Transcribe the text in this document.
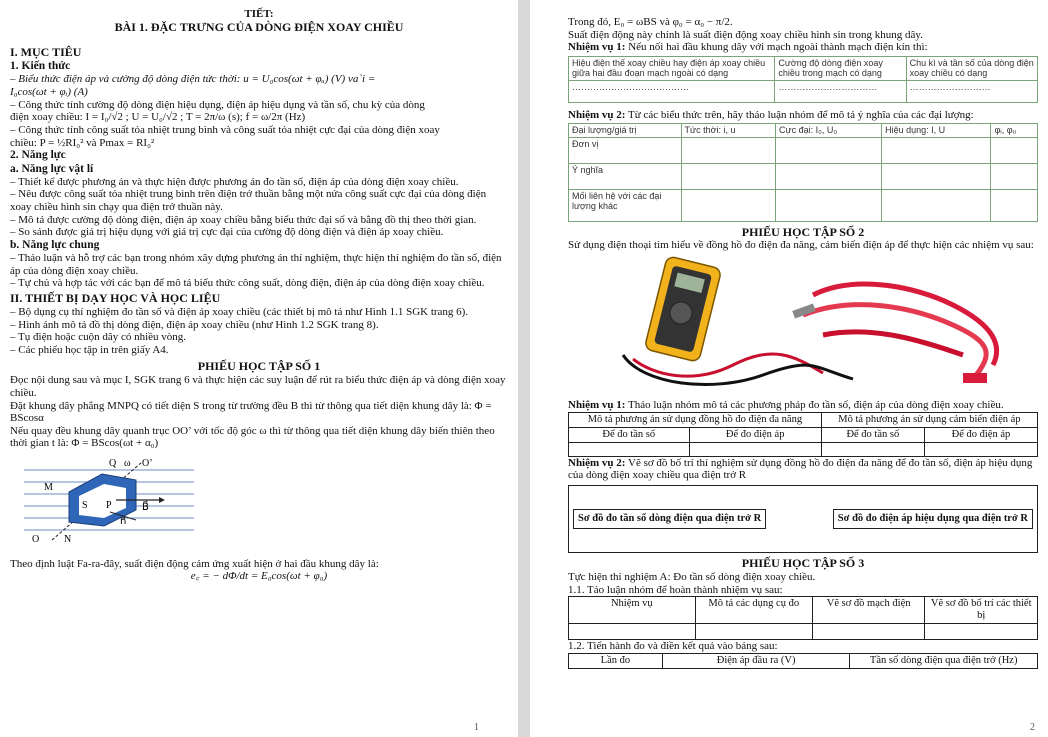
TIẾT:
BÀI 1. ĐẶC TRƯNG CỦA DÒNG ĐIỆN XOAY CHIỀU
I. MỤC TIÊU
1. Kiến thức
– Biểu thức điện áp và cường độ dòng điện tức thời: u = U₀cos(ωt + φᵤ) (V) va`i =
I₀cos(ωt + φᵢ) (A)
– Công thức tính cường độ dòng điện hiệu dụng, điện áp hiệu dụng và tần số, chu kỳ của dòng
điện xoay chiều: I = I₀/√2 ; U = U₀/√2 ; T = 2π/ω (s); f = ω/2π (Hz)
– Công thức tính công suất tỏa nhiệt trung bình và công suất tỏa nhiệt cực đại của dòng điện xoay
chiều: P = ½RI₀² và Pmax = RI₀²
2. Năng lực
a. Năng lực vật lí
– Thiết kế được phương án và thực hiện được phương án đo tần số, điện áp của dòng điện xoay chiều.
– Nêu được công suất tỏa nhiệt trung bình trên điện trở thuần bằng một nửa công suất cực đại của dòng điện xoay chiều hình sin chạy qua điện trở thuần này.
– Mô tả được cường độ dòng điện, điện áp xoay chiều bằng biểu thức đại số và bằng đồ thị theo thời gian.
– So sánh được giá trị hiệu dụng với giá trị cực đại của cường độ dòng điện và điện áp xoay chiều.
b. Năng lực chung
– Thảo luận và hỗ trợ các bạn trong nhóm xây dựng phương án thí nghiệm, thực hiện thí nghiệm đo tần số, điện áp của dòng điện xoay chiều.
– Tự chủ và hợp tác với các bạn để mô tả biểu thức công suất, dòng điện, điện áp của dòng điện xoay chiều.
II. THIẾT BỊ DẠY HỌC VÀ HỌC LIỆU
– Bộ dụng cụ thí nghiệm đo tần số và điện áp xoay chiều (các thiết bị mô tả như Hình 1.1 SGK trang 6).
– Hình ảnh mô tả đồ thị dòng điện, điện áp xoay chiều (như Hình 1.2 SGK trang 8).
– Tụ điện hoặc cuộn dây có nhiều vòng.
– Các phiếu học tập in trên giấy A4.
PHIẾU HỌC TẬP SỐ 1
Đọc nội dung sau và mục I, SGK trang 6 và thực hiện các suy luận để rút ra biểu thức điện áp và dòng điện xoay chiều.
Đặt khung dây phẳng MNPQ có tiết diện S trong từ trường đều B thì từ thông qua tiết diện khung dây là: Φ = BScosα
Nếu quay đều khung dây quanh trục OO’ với tốc độ góc ω thì từ thông qua tiết diện khung dây biến thiên theo thời gian t là: Φ = BScos(ωt + α₀)
Q ω O’
M
S P	B⃗
n⃗
O N
Theo định luật Fa-ra-đây, suất điện động cảm ứng xuất hiện ở hai đầu khung dây là:
e꜀ = − dΦ/dt = E₀cos(ωt + φ₀)
1
Trong đó, E₀ = ωBS và φ₀ = α₀ − π/2.
Suất điện động này chính là suất điện động xoay chiều hình sin trong khung dây.
Nhiệm vụ 1: Nếu nối hai đầu khung dây với mạch ngoài thành mạch điện kín thì:
Hiệu điện thế xoay chiều hay điện áp xoay chiều giữa hai đầu đoạn mạch ngoài có dạng	Cường độ dòng điện xoay chiều trong mạch có dạng	Chu kì và tần số của dòng điện xoay chiều có dạng
…………………………………	……………………………	………………………
Nhiệm vụ 2: Từ các biểu thức trên, hãy thảo luận nhóm để mô tả ý nghĩa của các đại lượng:
Đại lượng/giá trị	Tức thời: i, u	Cực đại: I₀, U₀	Hiệu dụng: I, U	φᵢ, φᵤ
Đơn vị				
Ý nghĩa				
Mối liên hệ với các đại lượng khác				
PHIẾU HỌC TẬP SỐ 2
Sử dụng điện thoại tìm hiểu về đồng hồ đo điện đa năng, cảm biến điện áp để thực hiện các nhiệm vụ sau:
Nhiệm vụ 1: Thảo luận nhóm mô tả các phương pháp đo tần số, điện áp của dòng điện xoay chiều.
Mô tả phương án sử dụng đồng hồ đo điện đa năng		Mô tả phương án sử dụng cảm biến điện áp	
Để đo tần số	Để đo điện áp	Để đo tần số	Để đo điện áp

Nhiệm vụ 2: Vẽ sơ đồ bố trí thí nghiệm sử dụng đồng hồ đo điện đa năng để đo tần số, điện áp hiệu dụng của dòng điện xoay chiều qua điện trở R
Sơ đồ đo tần số dòng điện qua điện trở R	Sơ đồ đo điện áp hiệu dụng qua điện trở R
PHIẾU HỌC TẬP SỐ 3
Tực hiện thí nghiệm A: Đo tần số dòng điện xoay chiều.
1.1. Tảo luận nhóm để hoàn thành nhiệm vụ sau:
Nhiệm vụ	Mô tả các dụng cụ đo	Vẽ sơ đồ mạch điện	Vẽ sơ đồ bố trí các thiết bị

1.2. Tiến hành đo và điền kết quả vào bảng sau:
Lần đo	Điện áp đầu ra (V)	Tần số dòng điện qua điện trở (Hz)
2
